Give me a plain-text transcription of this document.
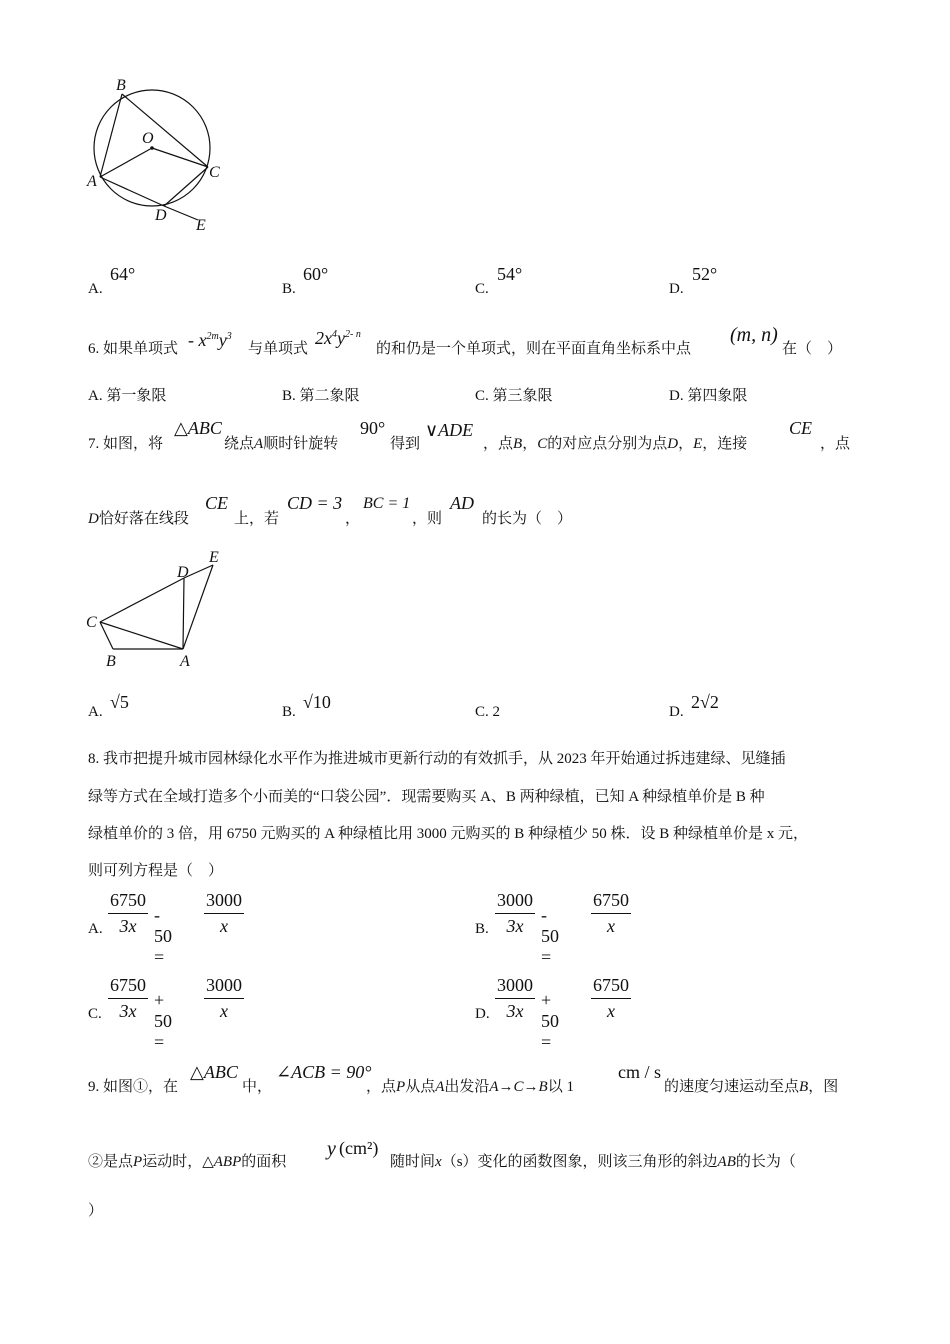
B
O
A
C
D
E
A.
64°
B.
60°
C.
54°
D.
52°
6. 如果单项式 - $x^{2m}y^3$
与单项式
$2x^4y^{2- n}$
的和仍是一个单项式，则在平面直角坐标系中点
(m, n)
在（　）
A. 第一象限	B. 第二象限	C. 第三象限	D. 第四象限
7. 如图，将
△ABC
绕点A顺时针旋转
90°
得到
∨ADE
，点B，C的对应点分别为点D，E，连接
CE
，点
D恰好落在线段
CE
上，若
CD = 3
，
BC = 1
，则
AD
的长为（　）
E
D
C
B	A
A. √5	B. √10	C. 2	D. 2√2
8. 我市把提升城市园林绿化水平作为推进城市更新行动的有效抓手，从 2023 年开始通过拆违建绿、见缝插
绿等方式在全域打造多个小而美的“口袋公园”．现需要购买 A、B 两种绿植，已知 A 种绿植单价是 B 种
绿植单价的 3 倍，用 6750 元购买的 A 种绿植比用 3000 元购买的 B 种绿植少 50 株．设 B 种绿植单价是 x 元，
则可列方程是（　）
A. $\frac{6750}{3x} - 50$ =
$\frac{3000}{x}$	B. $\frac{3000}{3x} - 50$ =
$\frac{6750}{x}$
C. $\frac{6750}{3x} + 50$ =
$\frac{3000}{x}$	D. $\frac{3000}{3x} + 50$ =
$\frac{6750}{x}$
9. 如图①，在
△ABC
中，
∠ACB = 90°
，点P从点A出发沿A→C→B以 1
cm / s
的速度匀速运动至点B，图
②是点P运动时，△ABP的面积
y (cm²)
随时间x（s）变化的函数图象，则该三角形的斜边AB的长为（
）
